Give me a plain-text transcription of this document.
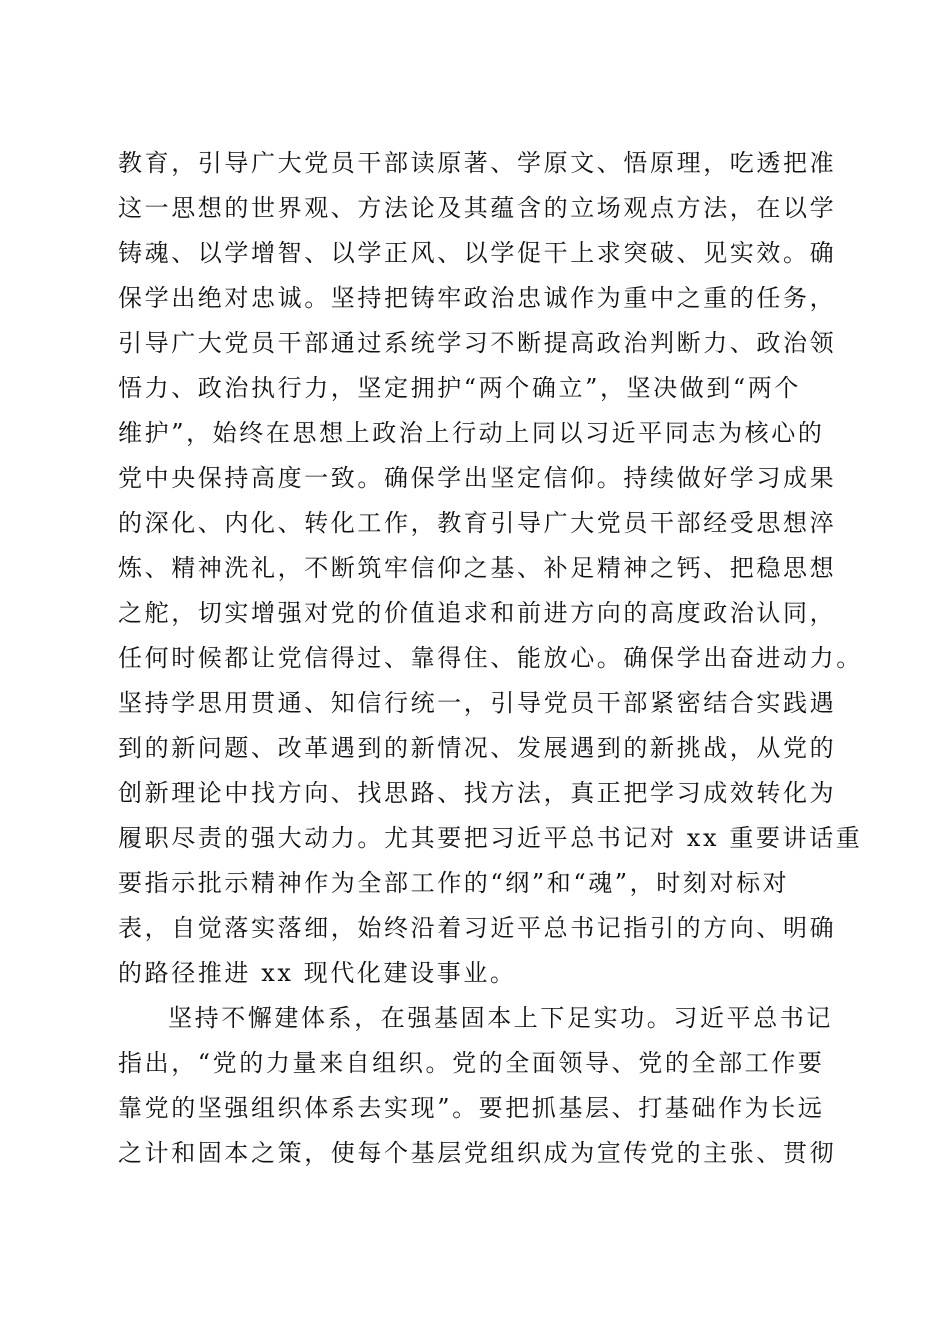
教育，引导广大党员干部读原著、学原文、悟原理，吃透把准
这一思想的世界观、方法论及其蕴含的立场观点方法，在以学
铸魂、以学增智、以学正风、以学促干上求突破、见实效。确
保学出绝对忠诚。坚持把铸牢政治忠诚作为重中之重的任务，
引导广大党员干部通过系统学习不断提高政治判断力、政治领
悟力、政治执行力，坚定拥护“两个确立”，坚决做到“两个
维护”，始终在思想上政治上行动上同以习近平同志为核心的
党中央保持高度一致。确保学出坚定信仰。持续做好学习成果
的深化、内化、转化工作，教育引导广大党员干部经受思想淬
炼、精神洗礼，不断筑牢信仰之基、补足精神之钙、把稳思想
之舵，切实增强对党的价值追求和前进方向的高度政治认同，
任何时候都让党信得过、靠得住、能放心。确保学出奋进动力。
坚持学思用贯通、知信行统一，引导党员干部紧密结合实践遇
到的新问题、改革遇到的新情况、发展遇到的新挑战，从党的
创新理论中找方向、找思路、找方法，真正把学习成效转化为
履职尽责的强大动力。尤其要把习近平总书记对 xx 重要讲话重
要指示批示精神作为全部工作的“纲”和“魂”，时刻对标对
表，自觉落实落细，始终沿着习近平总书记指引的方向、明确
的路径推进 xx 现代化建设事业。
坚持不懈建体系，在强基固本上下足实功。习近平总书记
指出，“党的力量来自组织。党的全面领导、党的全部工作要
靠党的坚强组织体系去实现”。要把抓基层、打基础作为长远
之计和固本之策，使每个基层党组织成为宣传党的主张、贯彻
